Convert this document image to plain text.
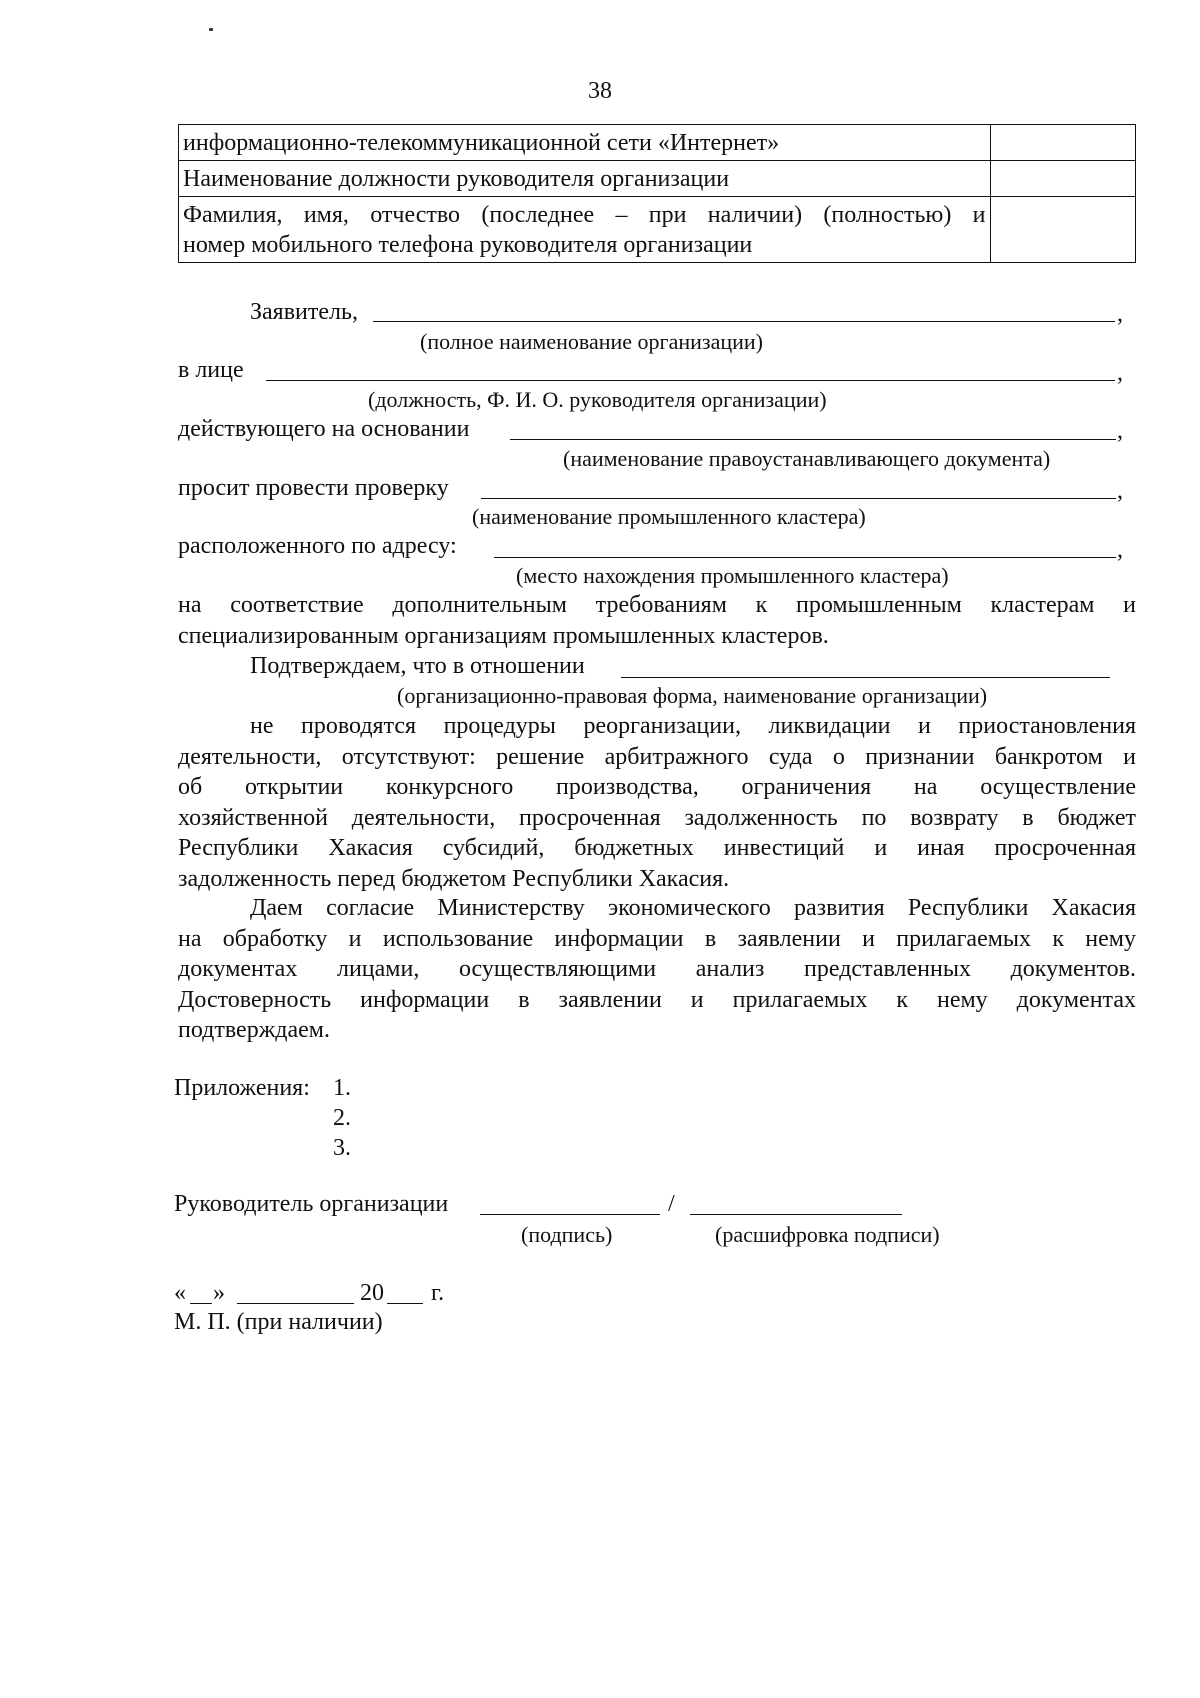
38
информационно-телекоммуникационной сети «Интернет»	
Наименование должности руководителя организации	

Фамилия, имя, отчество (последнее – при наличии) (полностью) и
номер мобильного телефона руководителя организации	

Заявитель,	,
(полное наименование организации)
в лице	,
(должность, Ф. И. О. руководителя организации)
действующего на основании	,
(наименование правоустанавливающего документа)
просит провести проверку	,
(наименование промышленного кластера)
расположенного по адресу:	,
(место нахождения промышленного кластера)
на соответствие дополнительным требованиям к промышленным кластерам и
специализированным организациям промышленных кластеров.
Подтверждаем, что в отношении
(организационно-правовая форма, наименование организации)
не проводятся процедуры реорганизации, ликвидации и приостановления
деятельности, отсутствуют: решение арбитражного суда о признании банкротом и
об открытии конкурсного производства, ограничения на осуществление
хозяйственной деятельности, просроченная задолженность по возврату в бюджет
Республики Хакасия субсидий, бюджетных инвестиций и иная просроченная
задолженность перед бюджетом Республики Хакасия.
Даем согласие Министерству экономического развития Республики Хакасия
на обработку и использование информации в заявлении и прилагаемых к нему
документах лицами, осуществляющими анализ представленных документов.
Достоверность информации в заявлении и прилагаемых к нему документах
подтверждаем.
Приложения: 1.
2.
3.
Руководитель организации	/
(подпись)	(расшифровка подписи)
« »	20 г.
М. П. (при наличии)
